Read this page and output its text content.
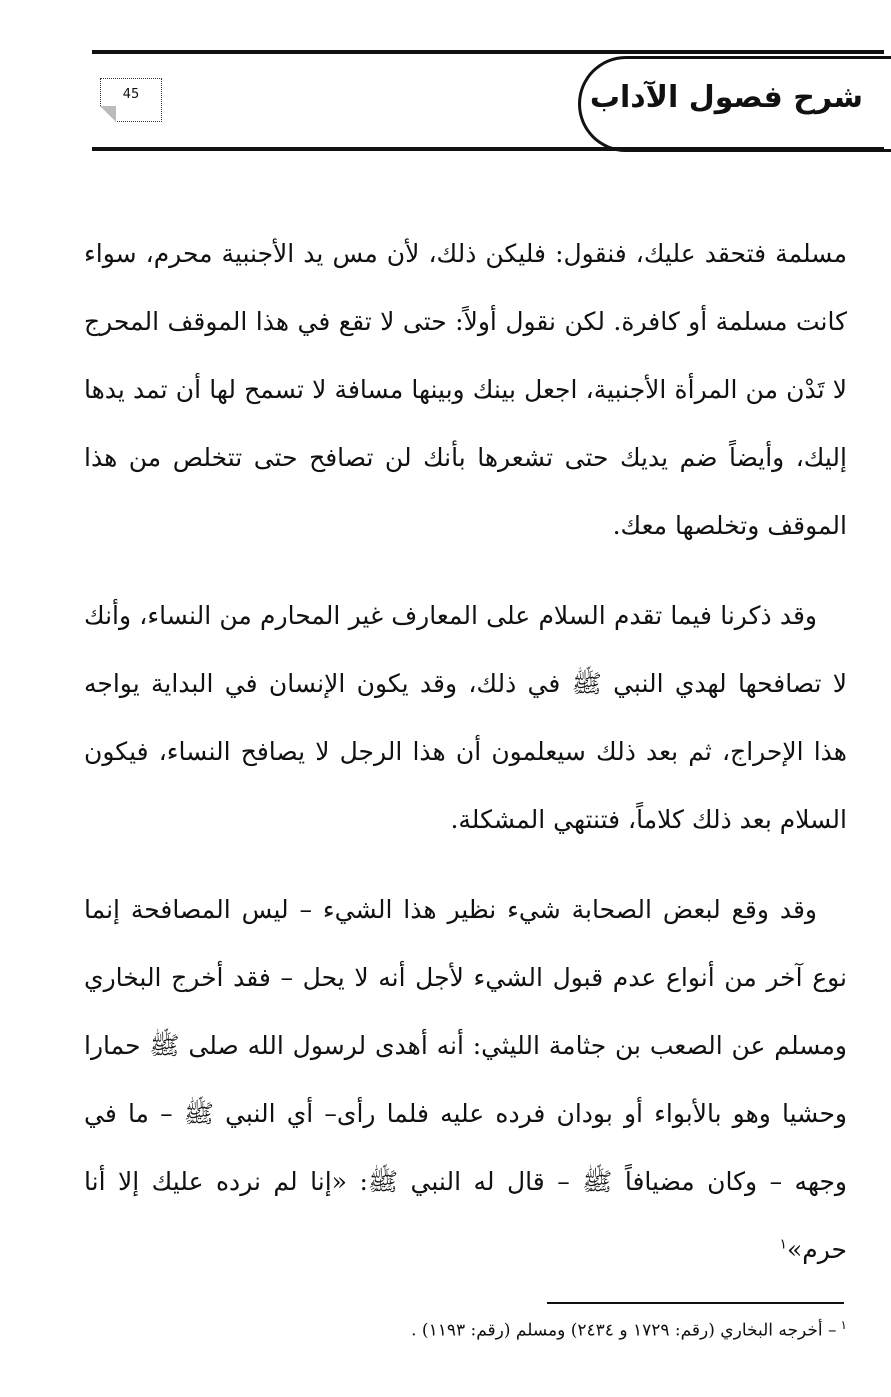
شرح فصول الآداب
45

مسلمة فتحقد عليك، فنقول: فليكن ذلك، لأن مس يد الأجنبية محرم، سواء كانت مسلمة أو كافرة. لكن نقول أولاً: حتى لا تقع في هذا الموقف المحرج لا تَدْن من المرأة الأجنبية، اجعل بينك وبينها مسافة لا تسمح لها أن تمد يدها إليك، وأيضاً ضم يديك حتى تشعرها بأنك لن تصافح حتى تتخلص من هذا الموقف وتخلصها معك.

وقد ذكرنا فيما تقدم السلام على المعارف غير المحارم من النساء، وأنك لا تصافحها لهدي النبي ﷺ في ذلك، وقد يكون الإنسان في البداية يواجه هذا الإحراج، ثم بعد ذلك سيعلمون أن هذا الرجل لا يصافح النساء، فيكون السلام بعد ذلك كلاماً، فتنتهي المشكلة.

وقد وقع لبعض الصحابة شيء نظير هذا الشيء – ليس المصافحة إنما نوع آخر من أنواع عدم قبول الشيء لأجل أنه لا يحل – فقد أخرج البخاري ومسلم عن الصعب بن جثامة الليثي: أنه أهدى لرسول الله صلى ﷺ حمارا وحشيا وهو بالأبواء أو بودان فرده عليه فلما رأى– أي النبي ﷺ – ما في وجهه – وكان مضيافاً ﷺ – قال له النبي ﷺ: «إنا لم نرده عليك إلا أنا حرم»$^١$

$^١$– أخرجه البخاري (رقم: ١٧٢٩ و ٢٤٣٤) ومسلم (رقم: ١١٩٣) .
